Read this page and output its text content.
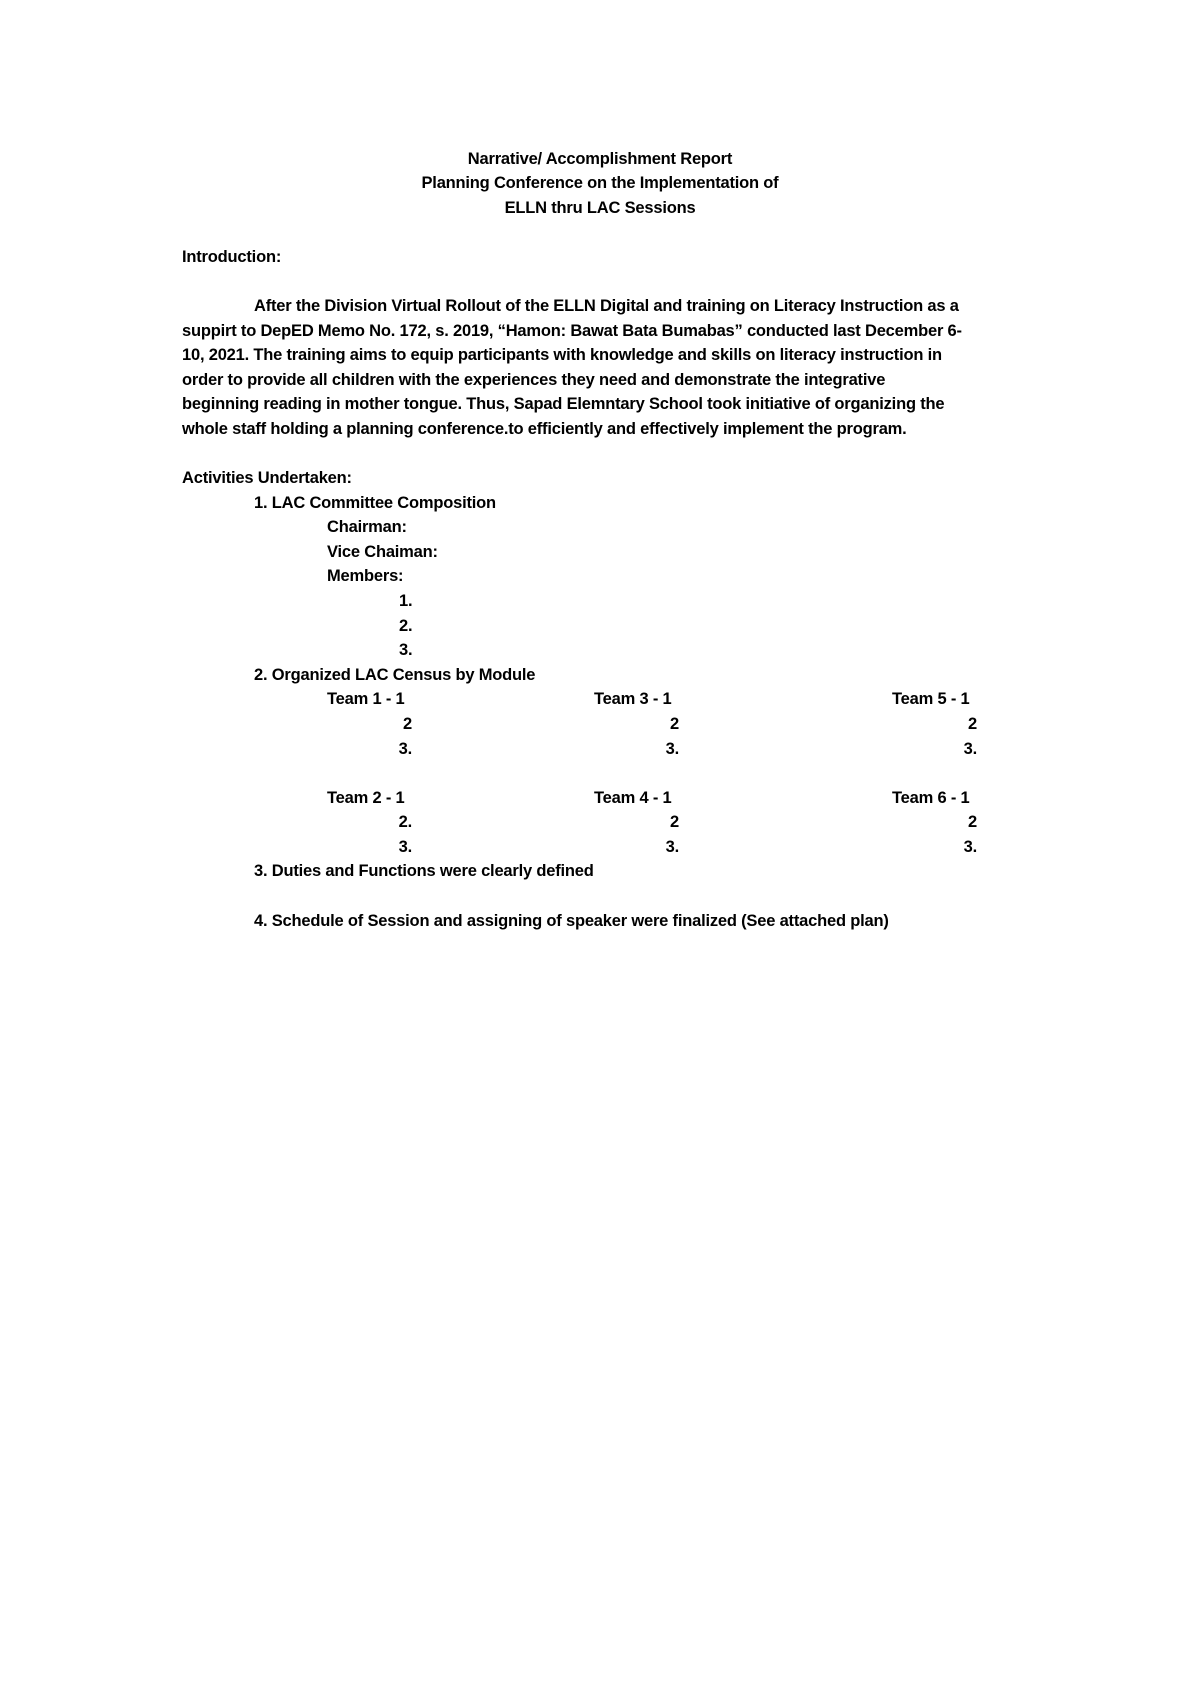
Narrative/ Accomplishment Report
Planning Conference on the Implementation of
ELLN thru LAC Sessions
Introduction:
After the Division Virtual Rollout of the ELLN Digital and training on Literacy Instruction as a
suppirt to DepED Memo No. 172, s. 2019, “Hamon: Bawat Bata Bumabas” conducted last December 6-
10, 2021. The training aims to equip participants with knowledge and skills on literacy instruction in
order to provide all children with the experiences they need and demonstrate the integrative
beginning reading in mother tongue. Thus, Sapad Elemntary School took initiative of organizing the
whole staff holding a planning conference.to efficiently and effectively implement the program.
Activities Undertaken:
1. LAC Committee Composition
Chairman:
Vice Chaiman:
Members:
1.
2.
3.
2. Organized LAC Census by Module
Team 1 - 1
2
3.
Team 3 - 1
2
3.
Team 5 - 1
2
3.
Team 2 - 1
2.
3.
Team 4 - 1
2
3.
Team 6 - 1
2
3.
3. Duties and Functions were clearly defined
4. Schedule of Session and assigning of speaker were finalized (See attached plan)
